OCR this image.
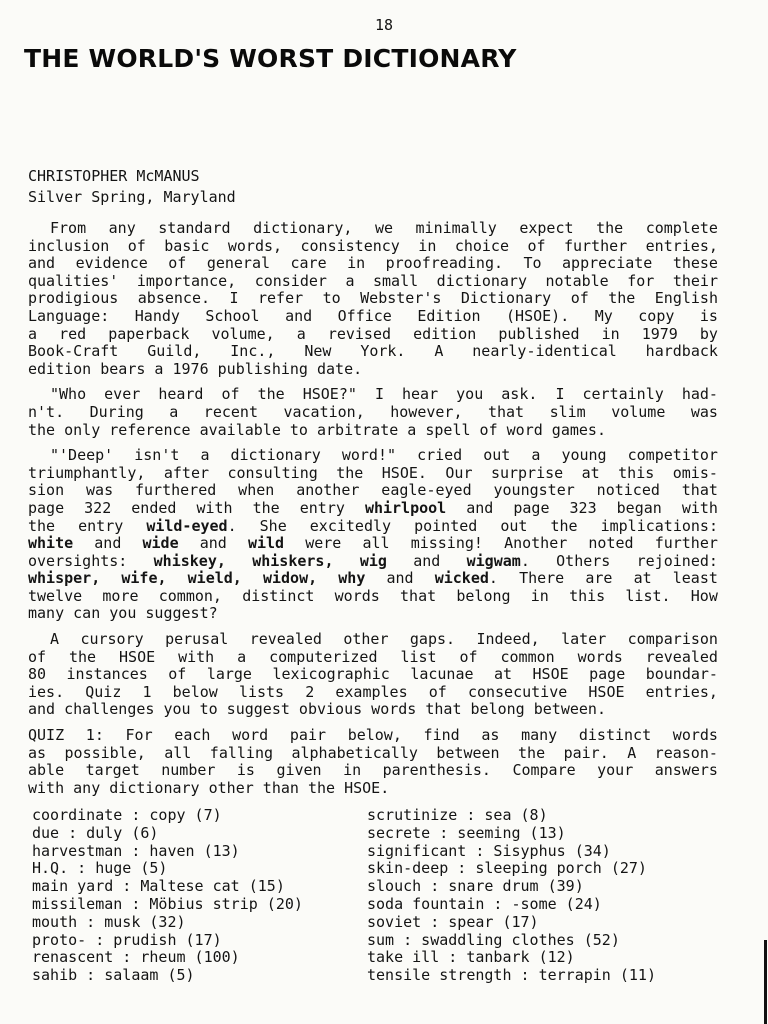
18
THE WORLD'S WORST DICTIONARY
CHRISTOPHER McMANUS
Silver Spring, Maryland
From any standard dictionary, we minimally expect the complete
inclusion of basic words, consistency in choice of further entries,
and evidence of general care in proofreading. To appreciate these
qualities' importance, consider a small dictionary notable for their
prodigious absence. I refer to Webster's Dictionary of the English
Language: Handy School and Office Edition (HSOE). My copy is
a red paperback volume, a revised edition published in 1979 by
Book-Craft Guild, Inc., New York. A nearly-identical hardback
edition bears a 1976 publishing date.
"Who ever heard of the HSOE?" I hear you ask. I certainly had-
n't. During a recent vacation, however, that slim volume was
the only reference available to arbitrate a spell of word games.
"'Deep' isn't a dictionary word!" cried out a young competitor
triumphantly, after consulting the HSOE. Our surprise at this omis-
sion was furthered when another eagle-eyed youngster noticed that
page 322 ended with the entry whirlpool and page 323 began with
the entry wild-eyed. She excitedly pointed out the implications:
white and wide and wild were all missing! Another noted further
oversights: whiskey, whiskers, wig and wigwam. Others rejoined:
whisper, wife, wield, widow, why and wicked. There are at least
twelve more common, distinct words that belong in this list. How
many can you suggest?
A cursory perusal revealed other gaps. Indeed, later comparison
of the HSOE with a computerized list of common words revealed
80 instances of large lexicographic lacunae at HSOE page boundar-
ies. Quiz 1 below lists 2 examples of consecutive HSOE entries,
and challenges you to suggest obvious words that belong between.
QUIZ 1: For each word pair below, find as many distinct words
as possible, all falling alphabetically between the pair. A reason-
able target number is given in parenthesis. Compare your answers
with any dictionary other than the HSOE.
coordinate : copy (7)
due : duly (6)
harvestman : haven (13)
H.Q. : huge (5)
main yard : Maltese cat (15)
missileman : Möbius strip (20)
mouth : musk (32)
proto- : prudish (17)
renascent : rheum (100)
sahib : salaam (5)
scrutinize : sea (8)
secrete : seeming (13)
significant : Sisyphus (34)
skin-deep : sleeping porch (27)
slouch : snare drum (39)
soda fountain : -some (24)
soviet : spear (17)
sum : swaddling clothes (52)
take ill : tanbark (12)
tensile strength : terrapin (11)
